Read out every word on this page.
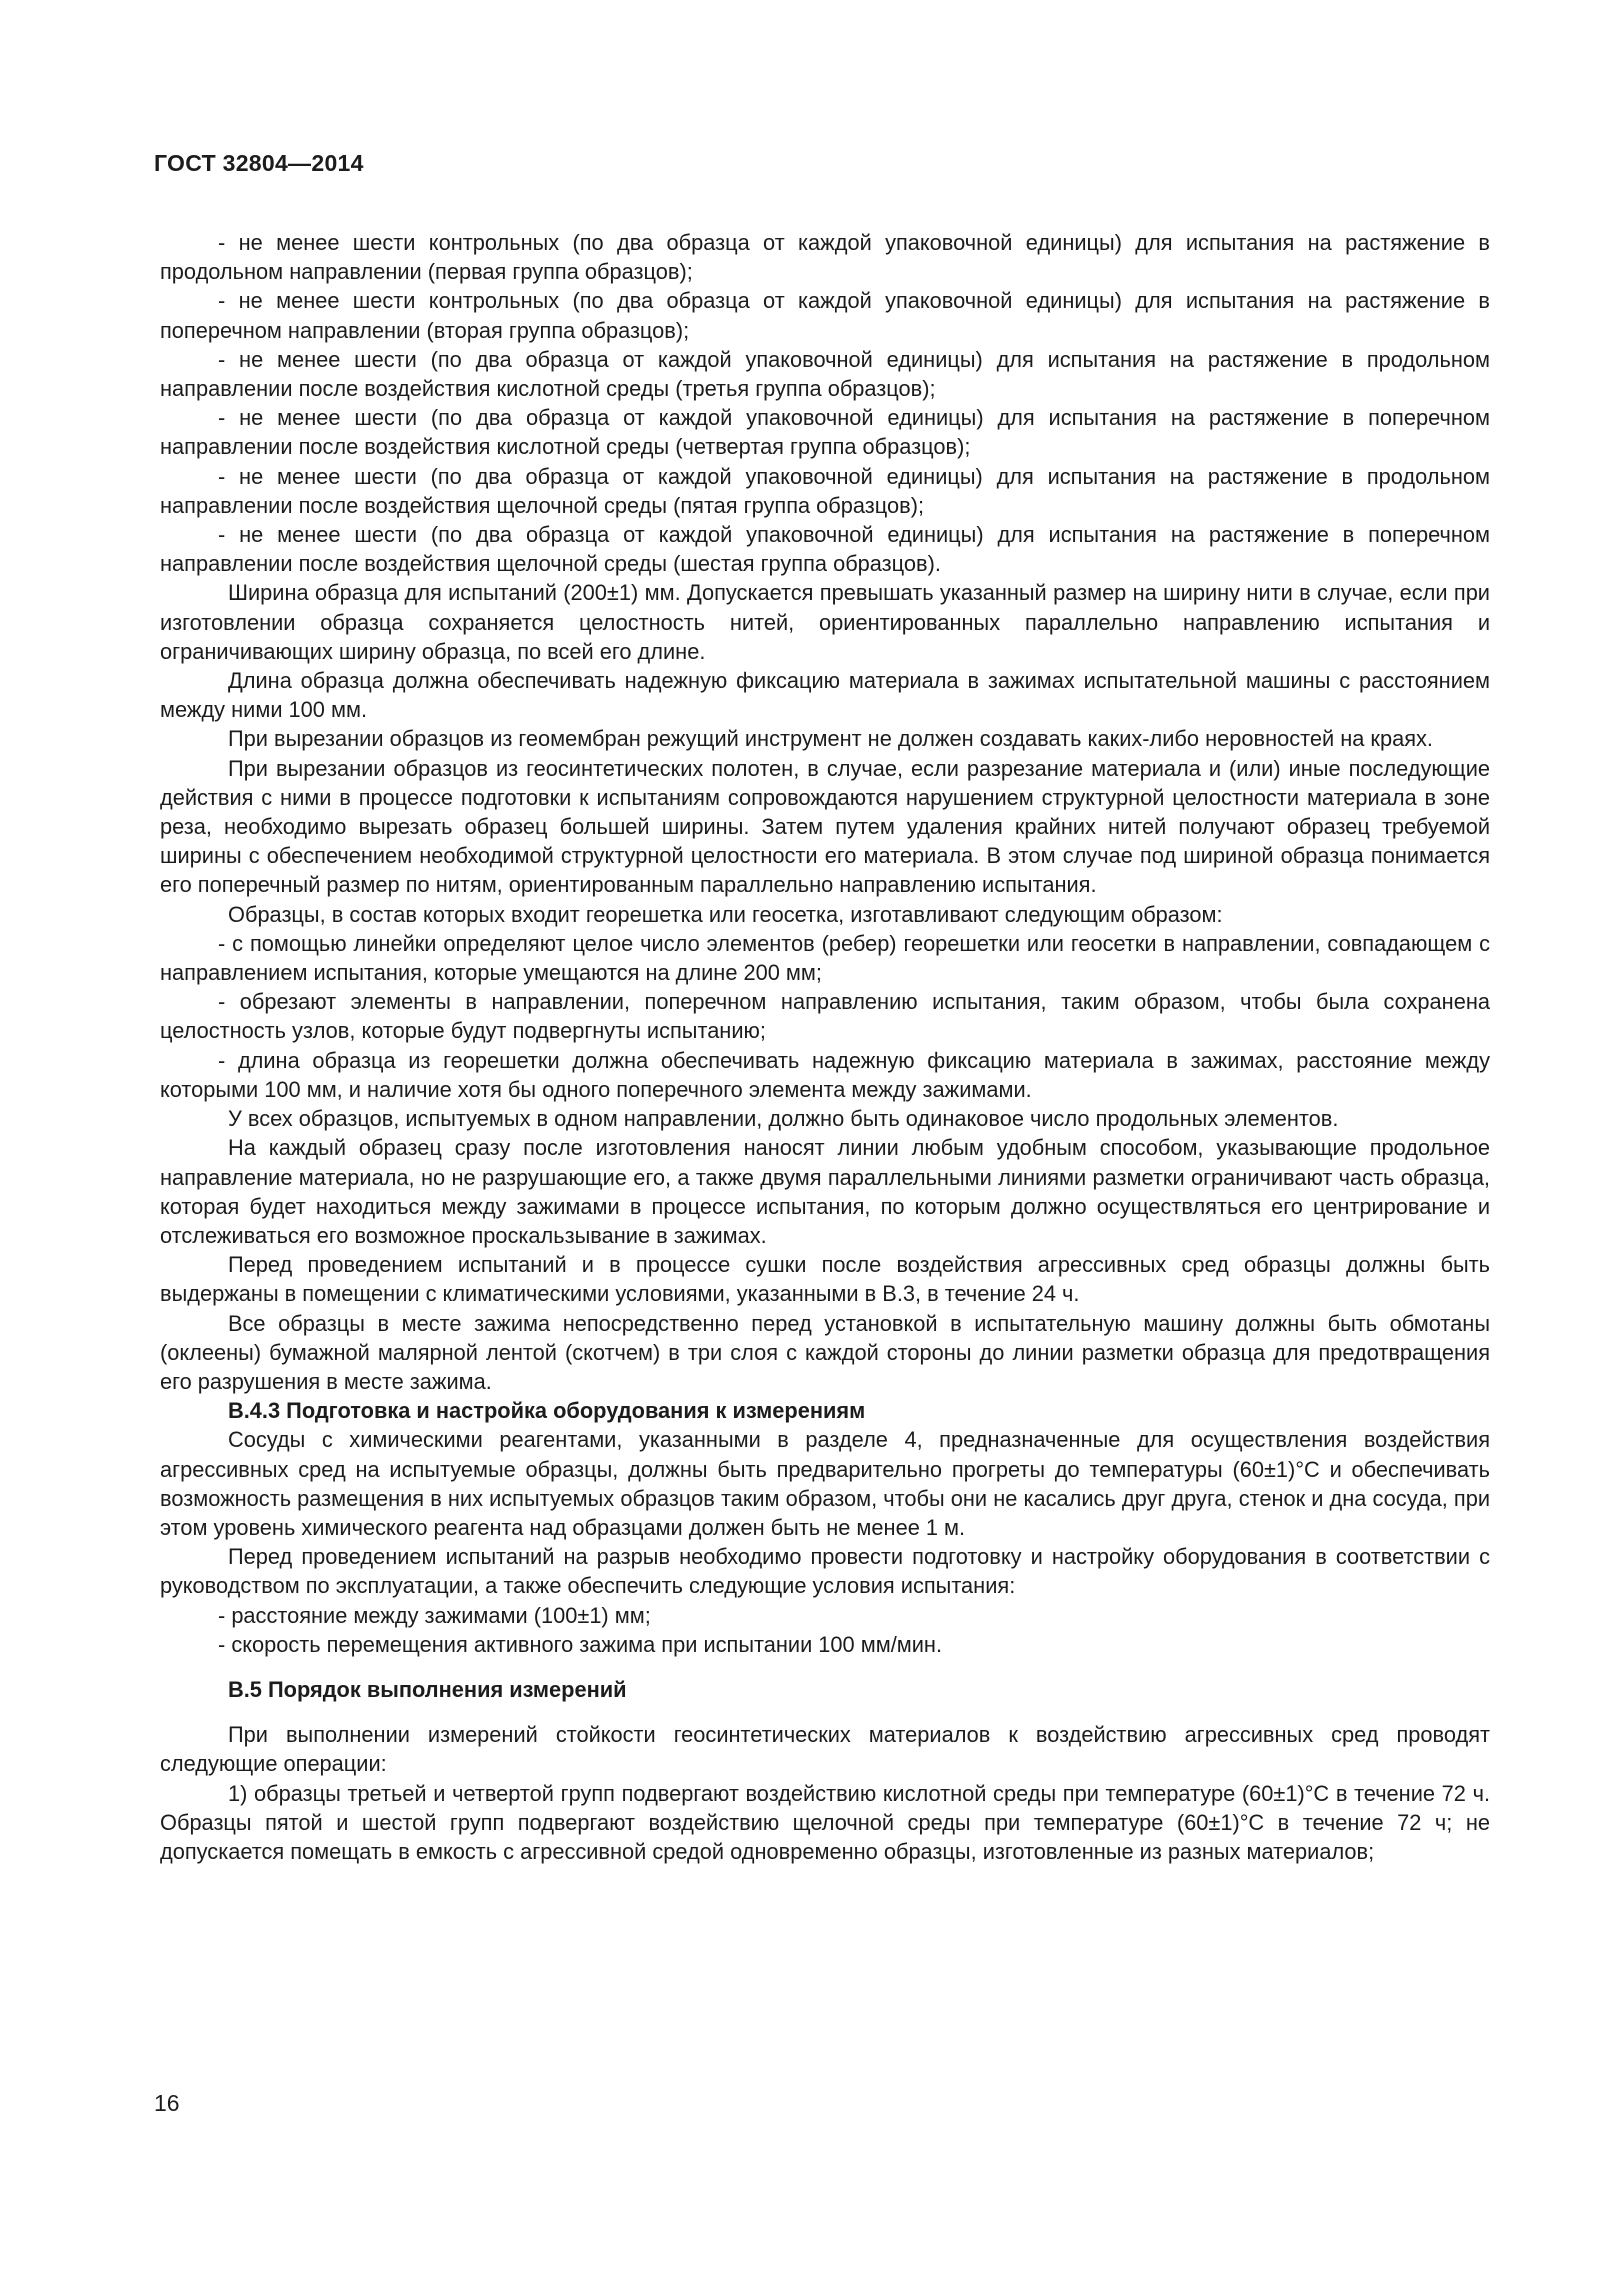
ГОСТ 32804—2014

- не менее шести контрольных (по два образца от каждой упаковочной единицы) для испытания на растяжение в продольном направлении (первая группа образцов);

- не менее шести контрольных (по два образца от каждой упаковочной единицы) для испытания на растяжение в поперечном направлении (вторая группа образцов);

- не менее шести (по два образца от каждой упаковочной единицы) для испытания на растяжение в продольном направлении после воздействия кислотной среды (третья группа образцов);

- не менее шести (по два образца от каждой упаковочной единицы) для испытания на растяжение в поперечном направлении после воздействия кислотной среды (четвертая группа образцов);

- не менее шести (по два образца от каждой упаковочной единицы) для испытания на растяжение в продольном направлении после воздействия щелочной среды (пятая группа образцов);

- не менее шести (по два образца от каждой упаковочной единицы) для испытания на растяжение в поперечном направлении после воздействия щелочной среды (шестая группа образцов).

Ширина образца для испытаний (200±1) мм. Допускается превышать указанный размер на ширину нити в случае, если при изготовлении образца сохраняется целостность нитей, ориентированных параллельно направлению испытания и ограничивающих ширину образца, по всей его длине.

Длина образца должна обеспечивать надежную фиксацию материала в зажимах испытательной машины с расстоянием между ними 100 мм.

При вырезании образцов из геомембран режущий инструмент не должен создавать каких-либо неровностей на краях.

При вырезании образцов из геосинтетических полотен, в случае, если разрезание материала и (или) иные последующие действия с ними в процессе подготовки к испытаниям сопровождаются нарушением структурной целостности материала в зоне реза, необходимо вырезать образец большей ширины. Затем путем удаления крайних нитей получают образец требуемой ширины с обеспечением необходимой структурной целостности его материала. В этом случае под шириной образца понимается его поперечный размер по нитям, ориентированным параллельно направлению испытания.

Образцы, в состав которых входит георешетка или геосетка, изготавливают следующим образом:

- с помощью линейки определяют целое число элементов (ребер) георешетки или геосетки в направлении, совпадающем с направлением испытания, которые умещаются на длине 200 мм;

- обрезают элементы в направлении, поперечном направлению испытания, таким образом, чтобы была сохранена целостность узлов, которые будут подвергнуты испытанию;

- длина образца из георешетки должна обеспечивать надежную фиксацию материала в зажимах, расстояние между которыми 100 мм, и наличие хотя бы одного поперечного элемента между зажимами.

У всех образцов, испытуемых в одном направлении, должно быть одинаковое число продольных элементов.

На каждый образец сразу после изготовления наносят линии любым удобным способом, указывающие продольное направление материала, но не разрушающие его, а также двумя параллельными линиями разметки ограничивают часть образца, которая будет находиться между зажимами в процессе испытания, по которым должно осуществляться его центрирование и отслеживаться его возможное проскальзывание в зажимах.

Перед проведением испытаний и в процессе сушки после воздействия агрессивных сред образцы должны быть выдержаны в помещении с климатическими условиями, указанными в В.3, в течение 24 ч.

Все образцы в месте зажима непосредственно перед установкой в испытательную машину должны быть обмотаны (оклеены) бумажной малярной лентой (скотчем) в три слоя с каждой стороны до линии разметки образца для предотвращения его разрушения в месте зажима.

В.4.3 Подготовка и настройка оборудования к измерениям

Сосуды с химическими реагентами, указанными в разделе 4, предназначенные для осуществления воздействия агрессивных сред на испытуемые образцы, должны быть предварительно прогреты до температуры (60±1)°С и обеспечивать возможность размещения в них испытуемых образцов таким образом, чтобы они не касались друг друга, стенок и дна сосуда, при этом уровень химического реагента над образцами должен быть не менее 1 м.

Перед проведением испытаний на разрыв необходимо провести подготовку и настройку оборудования в соответствии с руководством по эксплуатации, а также обеспечить следующие условия испытания:

- расстояние между зажимами (100±1) мм;

- скорость перемещения активного зажима при испытании 100 мм/мин.

В.5 Порядок выполнения измерений

При выполнении измерений стойкости геосинтетических материалов к воздействию агрессивных сред проводят следующие операции:

1) образцы третьей и четвертой групп подвергают воздействию кислотной среды при температуре (60±1)°С в течение 72 ч. Образцы пятой и шестой групп подвергают воздействию щелочной среды при температуре (60±1)°С в течение 72 ч; не допускается помещать в емкость с агрессивной средой одновременно образцы, изготовленные из разных материалов;

16
